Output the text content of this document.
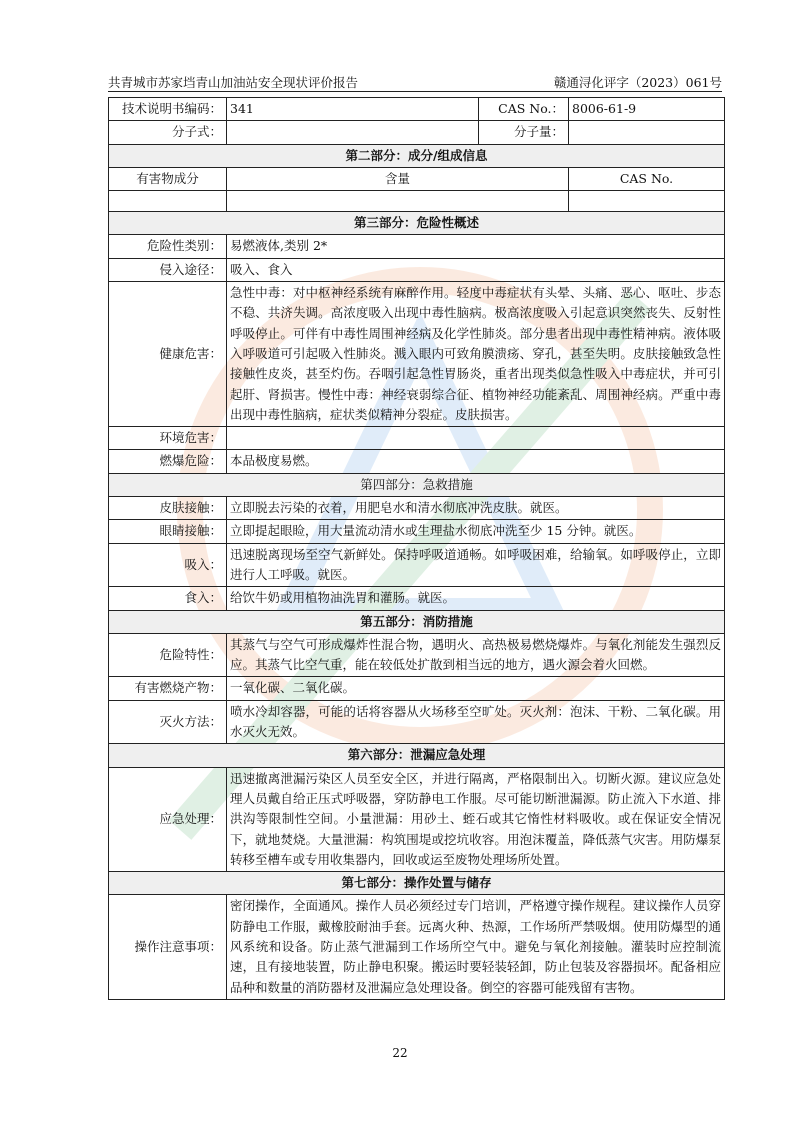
共青城市苏家垱青山加油站安全现状评价报告	赣通浔化评字（2023）061号
技术说明书编码：	341	CAS No.：	8006-61-9
分子式：		分子量：	
第二部分：成分/组成信息			
有害物成分	含量		CAS No.

第三部分：危险性概述			
危险性类别：	易燃液体,类别 2*		
侵入途径：	吸入、食入		
健康危害：	急性中毒：对中枢神经系统有麻醉作用。轻度中毒症状有头晕、头痛、恶心、呕吐、步态不稳、共济失调。高浓度吸入出现中毒性脑病。极高浓度吸入引起意识突然丧失、反射性呼吸停止。可伴有中毒性周围神经病及化学性肺炎。部分患者出现中毒性精神病。液体吸入呼吸道可引起吸入性肺炎。溅入眼内可致角膜溃疡、穿孔，甚至失明。皮肤接触致急性接触性皮炎，甚至灼伤。吞咽引起急性胃肠炎，重者出现类似急性吸入中毒症状，并可引起肝、肾损害。慢性中毒：神经衰弱综合征、植物神经功能紊乱、周围神经病。严重中毒出现中毒性脑病，症状类似精神分裂症。皮肤损害。		
环境危害：			
燃爆危险：	本品极度易燃。		
第四部分：急救措施			
皮肤接触：	立即脱去污染的衣着，用肥皂水和清水彻底冲洗皮肤。就医。		
眼睛接触：	立即提起眼睑，用大量流动清水或生理盐水彻底冲洗至少 15 分钟。就医。		
吸入：	迅速脱离现场至空气新鲜处。保持呼吸道通畅。如呼吸困难，给输氧。如呼吸停止，立即进行人工呼吸。就医。		
食入：	给饮牛奶或用植物油洗胃和灌肠。就医。		
第五部分：消防措施			
危险特性：	其蒸气与空气可形成爆炸性混合物，遇明火、高热极易燃烧爆炸。与氧化剂能发生强烈反应。其蒸气比空气重，能在较低处扩散到相当远的地方，遇火源会着火回燃。		
有害燃烧产物：	一氧化碳、二氧化碳。		
灭火方法：	喷水冷却容器，可能的话将容器从火场移至空旷处。灭火剂：泡沫、干粉、二氧化碳。用水灭火无效。		
第六部分：泄漏应急处理			
应急处理：	迅速撤离泄漏污染区人员至安全区，并进行隔离，严格限制出入。切断火源。建议应急处理人员戴自给正压式呼吸器，穿防静电工作服。尽可能切断泄漏源。防止流入下水道、排洪沟等限制性空间。小量泄漏：用砂土、蛭石或其它惰性材料吸收。或在保证安全情况下，就地焚烧。大量泄漏：构筑围堤或挖坑收容。用泡沫覆盖，降低蒸气灾害。用防爆泵转移至槽车或专用收集器内，回收或运至废物处理场所处置。		
第七部分：操作处置与储存			
操作注意事项：	密闭操作，全面通风。操作人员必须经过专门培训，严格遵守操作规程。建议操作人员穿防静电工作服，戴橡胶耐油手套。远离火种、热源，工作场所严禁吸烟。使用防爆型的通风系统和设备。防止蒸气泄漏到工作场所空气中。避免与氧化剂接触。灌装时应控制流速，且有接地装置，防止静电积聚。搬运时要轻装轻卸，防止包装及容器损坏。配备相应品种和数量的消防器材及泄漏应急处理设备。倒空的容器可能残留有害物。		
22
